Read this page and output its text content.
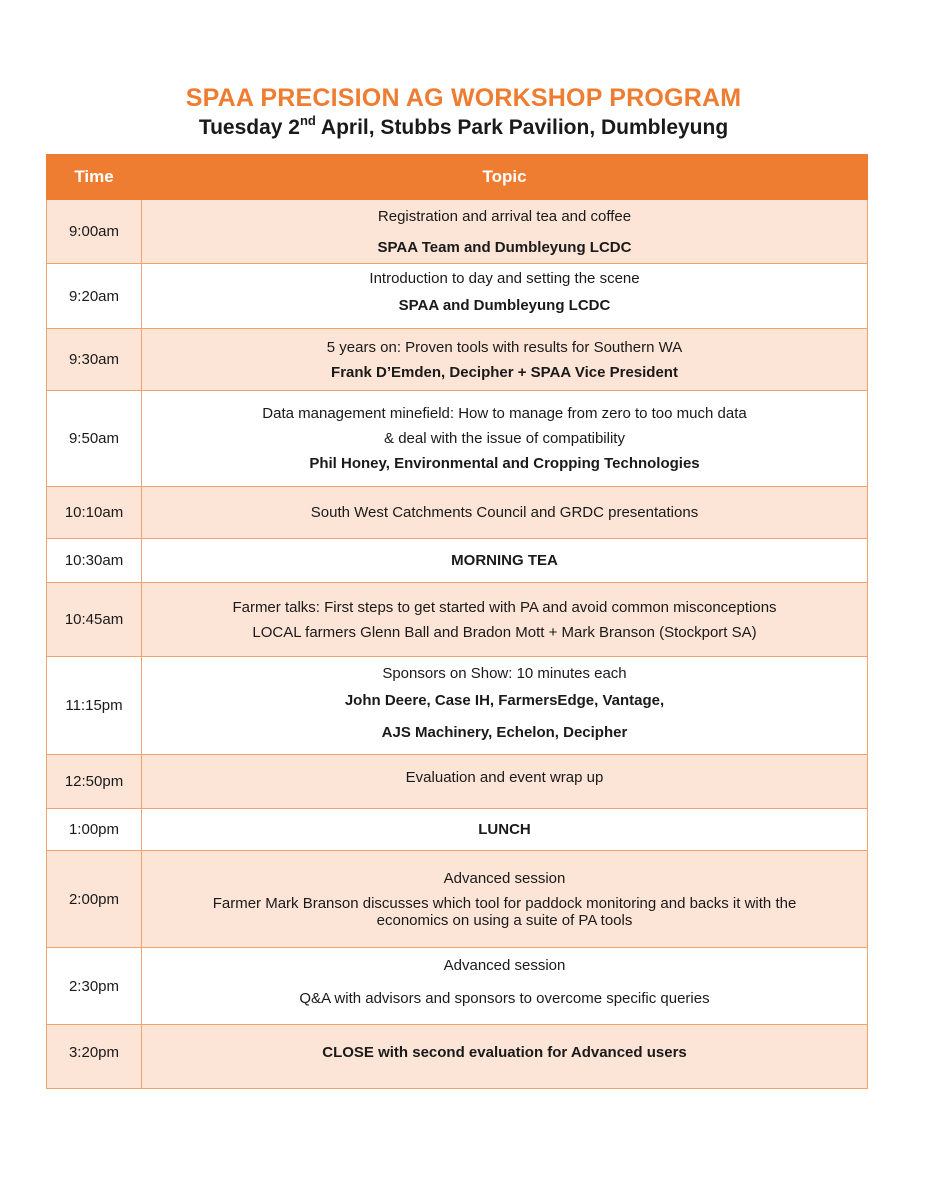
SPAA PRECISION AG WORKSHOP PROGRAM
Tuesday 2nd April, Stubbs Park Pavilion, Dumbleyung
Time	Topic
9:00am	Registration and arrival tea and coffee
SPAA Team and Dumbleyung LCDC

9:20am	Introduction to day and setting the scene
SPAA and Dumbleyung LCDC

9:30am	5 years on: Proven tools with results for Southern WA
Frank D’Emden, Decipher + SPAA Vice President

9:50am	Data management minefield: How to manage from zero to too much data
& deal with the issue of compatibility
Phil Honey, Environmental and Cropping Technologies

10:10am	South West Catchments Council and GRDC presentations

10:30am	MORNING TEA

10:45am	Farmer talks: First steps to get started with PA and avoid common misconceptions
LOCAL farmers Glenn Ball and Bradon Mott + Mark Branson (Stockport SA)

11:15pm	Sponsors on Show: 10 minutes each
John Deere, Case IH, FarmersEdge, Vantage,
AJS Machinery, Echelon, Decipher

12:50pm	Evaluation and event wrap up

1:00pm	LUNCH

2:00pm	Advanced session
Farmer Mark Branson discusses which tool for paddock monitoring and backs it with the
economics on using a suite of PA tools

2:30pm	Advanced session
Q&A with advisors and sponsors to overcome specific queries

3:20pm	CLOSE with second evaluation for Advanced users
